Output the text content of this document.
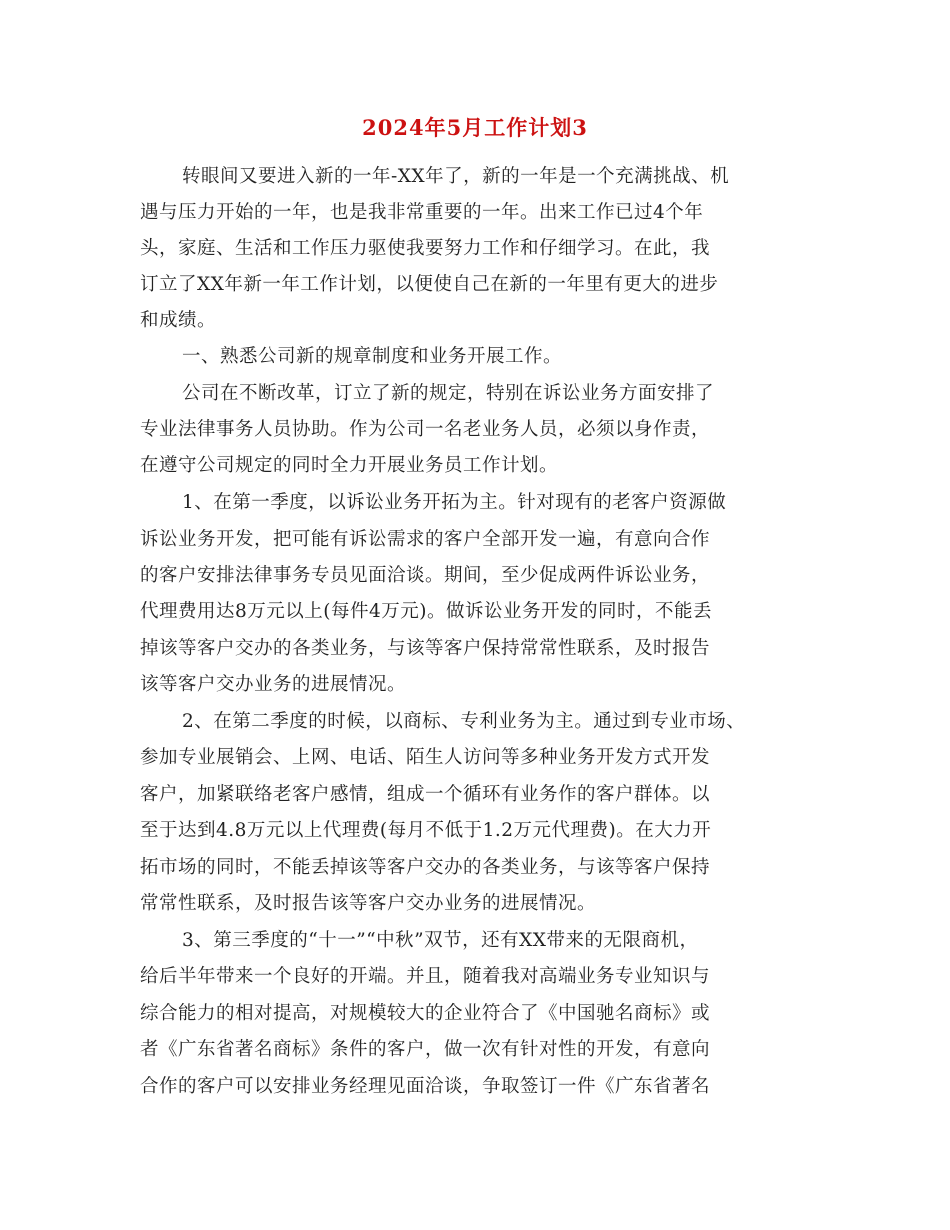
2024年5月工作计划3
转眼间又要进入新的一年-XX年了，新的一年是一个充满挑战、机
遇与压力开始的一年，也是我非常重要的一年。出来工作已过4个年
头，家庭、生活和工作压力驱使我要努力工作和仔细学习。在此，我
订立了XX年新一年工作计划，以便使自己在新的一年里有更大的进步
和成绩。
一、熟悉公司新的规章制度和业务开展工作。
公司在不断改革，订立了新的规定，特别在诉讼业务方面安排了
专业法律事务人员协助。作为公司一名老业务人员，必须以身作责，
在遵守公司规定的同时全力开展业务员工作计划。
1、在第一季度，以诉讼业务开拓为主。针对现有的老客户资源做
诉讼业务开发，把可能有诉讼需求的客户全部开发一遍，有意向合作
的客户安排法律事务专员见面洽谈。期间，至少促成两件诉讼业务，
代理费用达8万元以上(每件4万元)。做诉讼业务开发的同时，不能丢
掉该等客户交办的各类业务，与该等客户保持常常性联系，及时报告
该等客户交办业务的进展情况。
2、在第二季度的时候，以商标、专利业务为主。通过到专业市场、
参加专业展销会、上网、电话、陌生人访问等多种业务开发方式开发
客户，加紧联络老客户感情，组成一个循环有业务作的客户群体。以
至于达到4.8万元以上代理费(每月不低于1.2万元代理费)。在大力开
拓市场的同时，不能丢掉该等客户交办的各类业务，与该等客户保持
常常性联系，及时报告该等客户交办业务的进展情况。
3、第三季度的“十一”“中秋”双节，还有XX带来的无限商机，
给后半年带来一个良好的开端。并且，随着我对高端业务专业知识与
综合能力的相对提高，对规模较大的企业符合了《中国驰名商标》或
者《广东省著名商标》条件的客户，做一次有针对性的开发，有意向
合作的客户可以安排业务经理见面洽谈，争取签订一件《广东省著名
